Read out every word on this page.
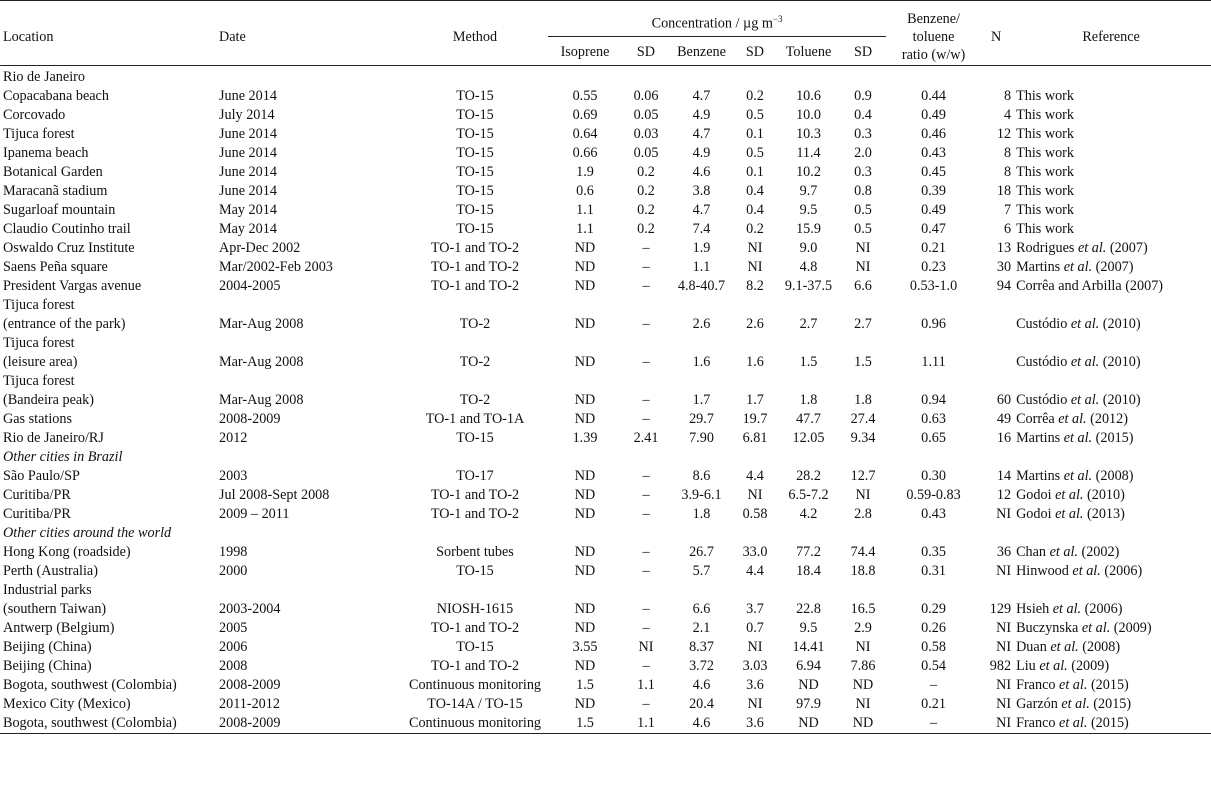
Location	Date	Method	Concentration / µg $m^{-3}$						Benzene/
toluene
ratio (w/w)	N	Reference
			Isoprene	SD	Benzene	SD	Toluene	SD			
Rio de Janeiro											
Copacabana beach	June 2014	TO-15	0.55	0.06	4.7	0.2	10.6	0.9	0.44	8	This work
Corcovado	July 2014	TO-15	0.69	0.05	4.9	0.5	10.0	0.4	0.49	4	This work
Tijuca forest	June 2014	TO-15	0.64	0.03	4.7	0.1	10.3	0.3	0.46	12	This work
Ipanema beach	June 2014	TO-15	0.66	0.05	4.9	0.5	11.4	2.0	0.43	8	This work
Botanical Garden	June 2014	TO-15	1.9	0.2	4.6	0.1	10.2	0.3	0.45	8	This work
Maracanã stadium	June 2014	TO-15	0.6	0.2	3.8	0.4	9.7	0.8	0.39	18	This work
Sugarloaf mountain	May 2014	TO-15	1.1	0.2	4.7	0.4	9.5	0.5	0.49	7	This work
Claudio Coutinho trail	May 2014	TO-15	1.1	0.2	7.4	0.2	15.9	0.5	0.47	6	This work
Oswaldo Cruz Institute	Apr-Dec 2002	TO-1 and TO-2	ND	–	1.9	NI	9.0	NI	0.21	13	Rodrigues et al. (2007)
Saens Peña square	Mar/2002-Feb 2003	TO-1 and TO-2	ND	–	1.1	NI	4.8	NI	0.23	30	Martins et al. (2007)
President Vargas avenue	2004-2005	TO-1 and TO-2	ND	–	4.8-40.7	8.2	9.1-37.5	6.6	0.53-1.0	94	Corrêa and Arbilla (2007)
Tijuca forest											
(entrance of the park)	Mar-Aug 2008	TO-2	ND	–	2.6	2.6	2.7	2.7	0.96		Custódio et al. (2010)
Tijuca forest											
(leisure area)	Mar-Aug 2008	TO-2	ND	–	1.6	1.6	1.5	1.5	1.11		Custódio et al. (2010)
Tijuca forest											
(Bandeira peak)	Mar-Aug 2008	TO-2	ND	–	1.7	1.7	1.8	1.8	0.94	60	Custódio et al. (2010)
Gas stations	2008-2009	TO-1 and TO-1A	ND	–	29.7	19.7	47.7	27.4	0.63	49	Corrêa et al. (2012)
Rio de Janeiro/RJ	2012	TO-15	1.39	2.41	7.90	6.81	12.05	9.34	0.65	16	Martins et al. (2015)
Other cities in Brazil											
São Paulo/SP	2003	TO-17	ND	–	8.6	4.4	28.2	12.7	0.30	14	Martins et al. (2008)
Curitiba/PR	Jul 2008-Sept 2008	TO-1 and TO-2	ND	–	3.9-6.1	NI	6.5-7.2	NI	0.59-0.83	12	Godoi et al. (2010)
Curitiba/PR	2009 – 2011	TO-1 and TO-2	ND	–	1.8	0.58	4.2	2.8	0.43	NI	Godoi et al. (2013)
Other cities around the world											
Hong Kong (roadside)	1998	Sorbent tubes	ND	–	26.7	33.0	77.2	74.4	0.35	36	Chan et al. (2002)
Perth (Australia)	2000	TO-15	ND	–	5.7	4.4	18.4	18.8	0.31	NI	Hinwood et al. (2006)
Industrial parks											
(southern Taiwan)	2003-2004	NIOSH-1615	ND	–	6.6	3.7	22.8	16.5	0.29	129	Hsieh et al. (2006)
Antwerp (Belgium)	2005	TO-1 and TO-2	ND	–	2.1	0.7	9.5	2.9	0.26	NI	Buczynska et al. (2009)
Beijing (China)	2006	TO-15	3.55	NI	8.37	NI	14.41	NI	0.58	NI	Duan et al. (2008)
Beijing (China)	2008	TO-1 and TO-2	ND	–	3.72	3.03	6.94	7.86	0.54	982	Liu et al. (2009)
Bogota, southwest (Colombia)	2008-2009	Continuous monitoring	1.5	1.1	4.6	3.6	ND	ND	–	NI	Franco et al. (2015)
Mexico City (Mexico)	2011-2012	TO-14A / TO-15	ND	–	20.4	NI	97.9	NI	0.21	NI	Garzón et al. (2015)
Bogota, southwest (Colombia)	2008-2009	Continuous monitoring	1.5	1.1	4.6	3.6	ND	ND	–	NI	Franco et al. (2015)
